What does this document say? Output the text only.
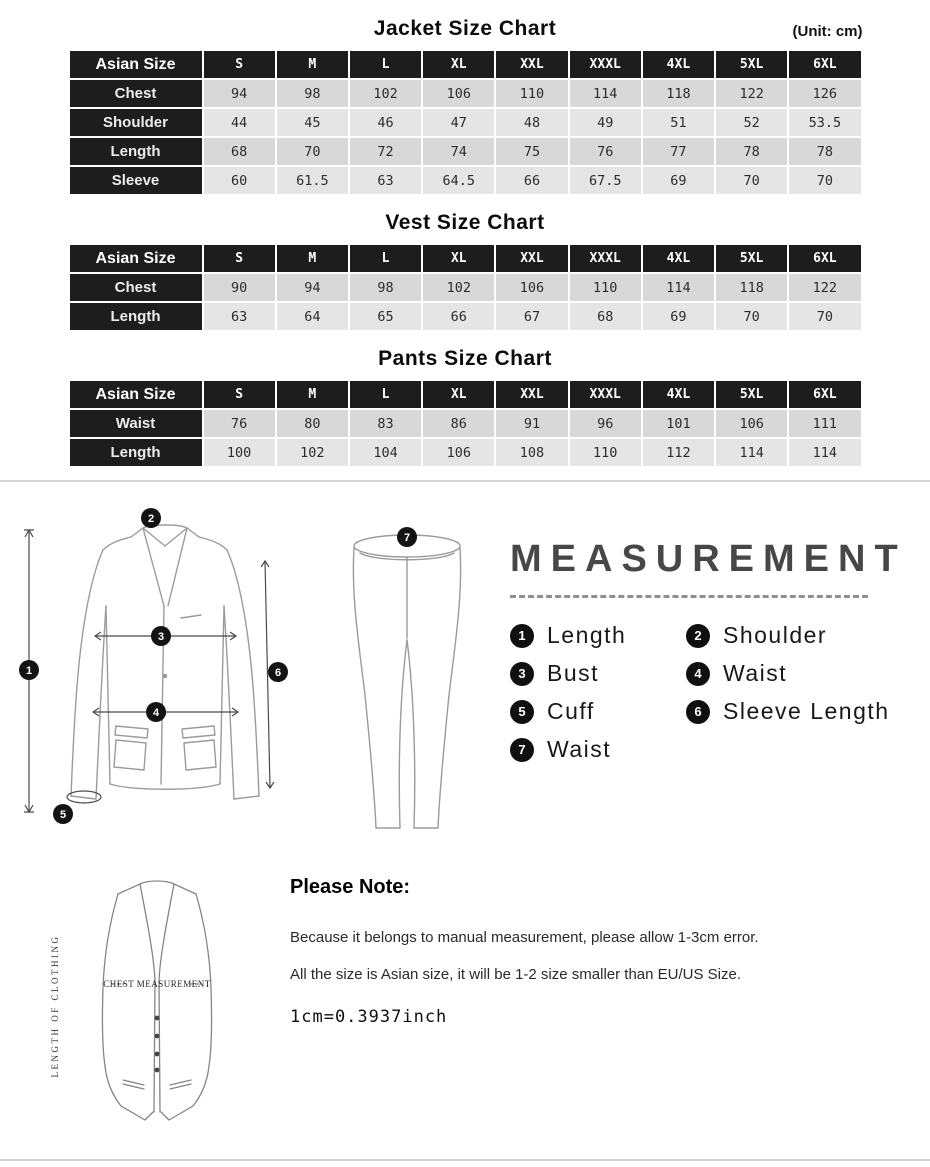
Jacket Size Chart	(Unit: cm)
Asian Size	S	M	L	XL	XXL	XXXL	4XL	5XL	6XL
Chest	94	98	102	106	110	114	118	122	126
Shoulder	44	45	46	47	48	49	51	52	53.5
Length	68	70	72	74	75	76	77	78	78
Sleeve	60	61.5	63	64.5	66	67.5	69	70	70
Vest Size Chart
Asian Size	S	M	L	XL	XXL	XXXL	4XL	5XL	6XL
Chest	90	94	98	102	106	110	114	118	122
Length	63	64	65	66	67	68	69	70	70
Pants Size Chart
Asian Size	S	M	L	XL	XXL	XXXL	4XL	5XL	6XL
Waist	76	80	83	86	91	96	101	106	111
Length	100	102	104	106	108	110	112	114	114
1
2
3
4
5
6
7	MEASUREMENT
1 Length	2 Shoulder
3 Bust	4 Waist
5 Cuff	6 Sleeve Length
7 Waist
LENGTH OF CLOTHING	CHEST MEASUREMENT
Please Note:

Because it belongs to manual measurement, please allow 1-3cm error.

All the size is Asian size, it will be 1-2 size smaller than EU/US Size.

1cm=0.3937inch
